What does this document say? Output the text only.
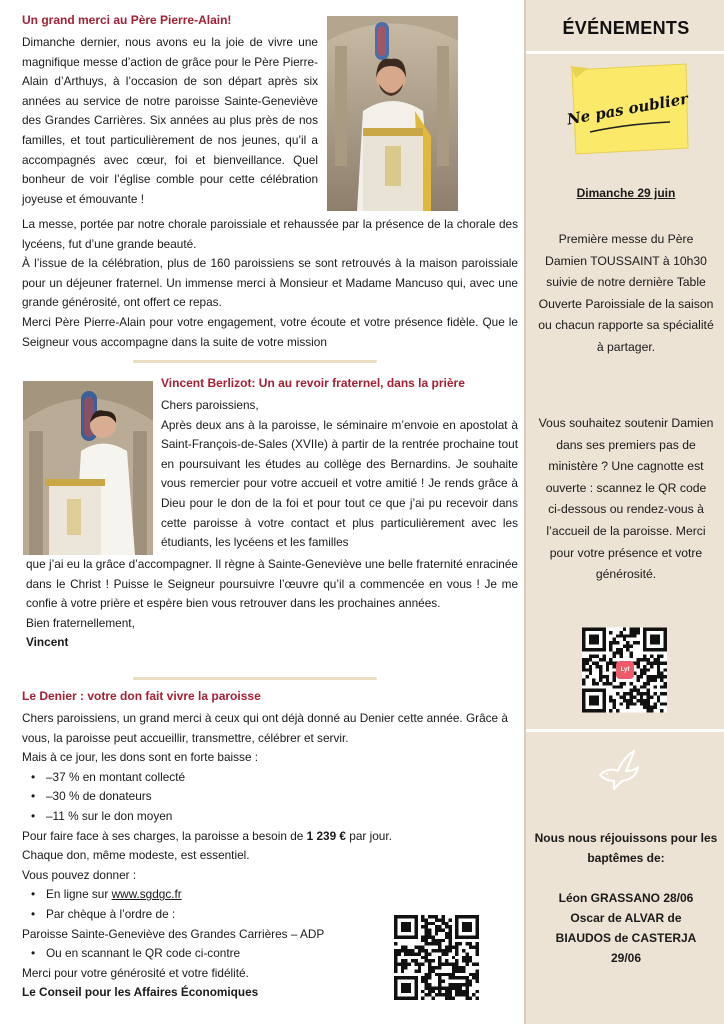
Un grand merci au Père Pierre-Alain!
Dimanche dernier, nous avons eu la joie de vivre une magnifique messe d’action de grâce pour le Père Pierre-Alain d’Arthuys, à l’occasion de son départ après six années au service de notre paroisse Sainte-Geneviève des Grandes Carrières. Six années au plus près de nos familles, et tout particulièrement de nos jeunes, qu’il a accompagnés avec cœur, foi et bienveillance. Quel bonheur de voir l’église comble pour cette célébration joyeuse et émouvante !
La messe, portée par notre chorale paroissiale et rehaussée par la présence de la chorale des lycéens, fut d’une grande beauté.
À l’issue de la célébration, plus de 160 paroissiens se sont retrouvés à la maison paroissiale pour un déjeuner fraternel. Un immense merci à Monsieur et Madame Mancuso qui, avec une grande générosité, ont offert ce repas.
Merci Père Pierre-Alain pour votre engagement, votre écoute et votre présence fidèle. Que le Seigneur vous accompagne dans la suite de votre mission
Vincent Berlizot: Un au revoir fraternel, dans la prière
Chers paroissiens,
Après deux ans à la paroisse, le séminaire m’envoie en apostolat à Saint-François-de-Sales (XVIIe) à partir de la rentrée prochaine tout en poursuivant les études au collège des Bernardins. Je souhaite vous remercier pour votre accueil et votre amitié ! Je rends grâce à Dieu pour le don de la foi et pour tout ce que j’ai pu recevoir dans cette paroisse à votre contact et plus particulièrement avec les étudiants, les lycéens et les familles
que j’ai eu la grâce d’accompagner. Il règne à Sainte-Geneviève une belle fraternité enracinée dans le Christ ! Puisse le Seigneur poursuivre l’œuvre qu’il a commencée en vous ! Je me confie à votre prière et espère bien vous retrouver dans les prochaines années.
Bien fraternellement,
Vincent
Le Denier : votre don fait vivre la paroisse
Chers paroissiens, un grand merci à ceux qui ont déjà donné au Denier cette année. Grâce à vous, la paroisse peut accueillir, transmettre, célébrer et servir.
Mais à ce jour, les dons sont en forte baisse :
• –37 % en montant collecté
• –30 % de donateurs
• –11 % sur le don moyen
Pour faire face à ses charges, la paroisse a besoin de 1 239 € par jour.
Chaque don, même modeste, est essentiel.
Vous pouvez donner :
• En ligne sur www.sgdgc.fr
• Par chèque à l’ordre de :
Paroisse Sainte-Geneviève des Grandes Carrières – ADP
• Ou en scannant le QR code ci-contre
Merci pour votre générosité et votre fidélité.
Le Conseil pour les Affaires Économiques
ÉVÉNEMENTS
Ne pas oublier
Dimanche 29 juin
Première messe du Père Damien TOUSSAINT à 10h30 suivie de notre dernière Table Ouverte Paroissiale de la saison ou chacun rapporte sa spécialité à partager.
Vous souhaitez soutenir Damien dans ses premiers pas de ministère ? Une cagnotte est ouverte : scannez le QR code ci-dessous ou rendez-vous à l’accueil de la paroisse. Merci pour votre présence et votre générosité.
Lyf
Nous nous réjouissons pour les baptêmes de:
Léon GRASSANO 28/06
Oscar de ALVAR de BIAUDOS de CASTERJA 29/06
